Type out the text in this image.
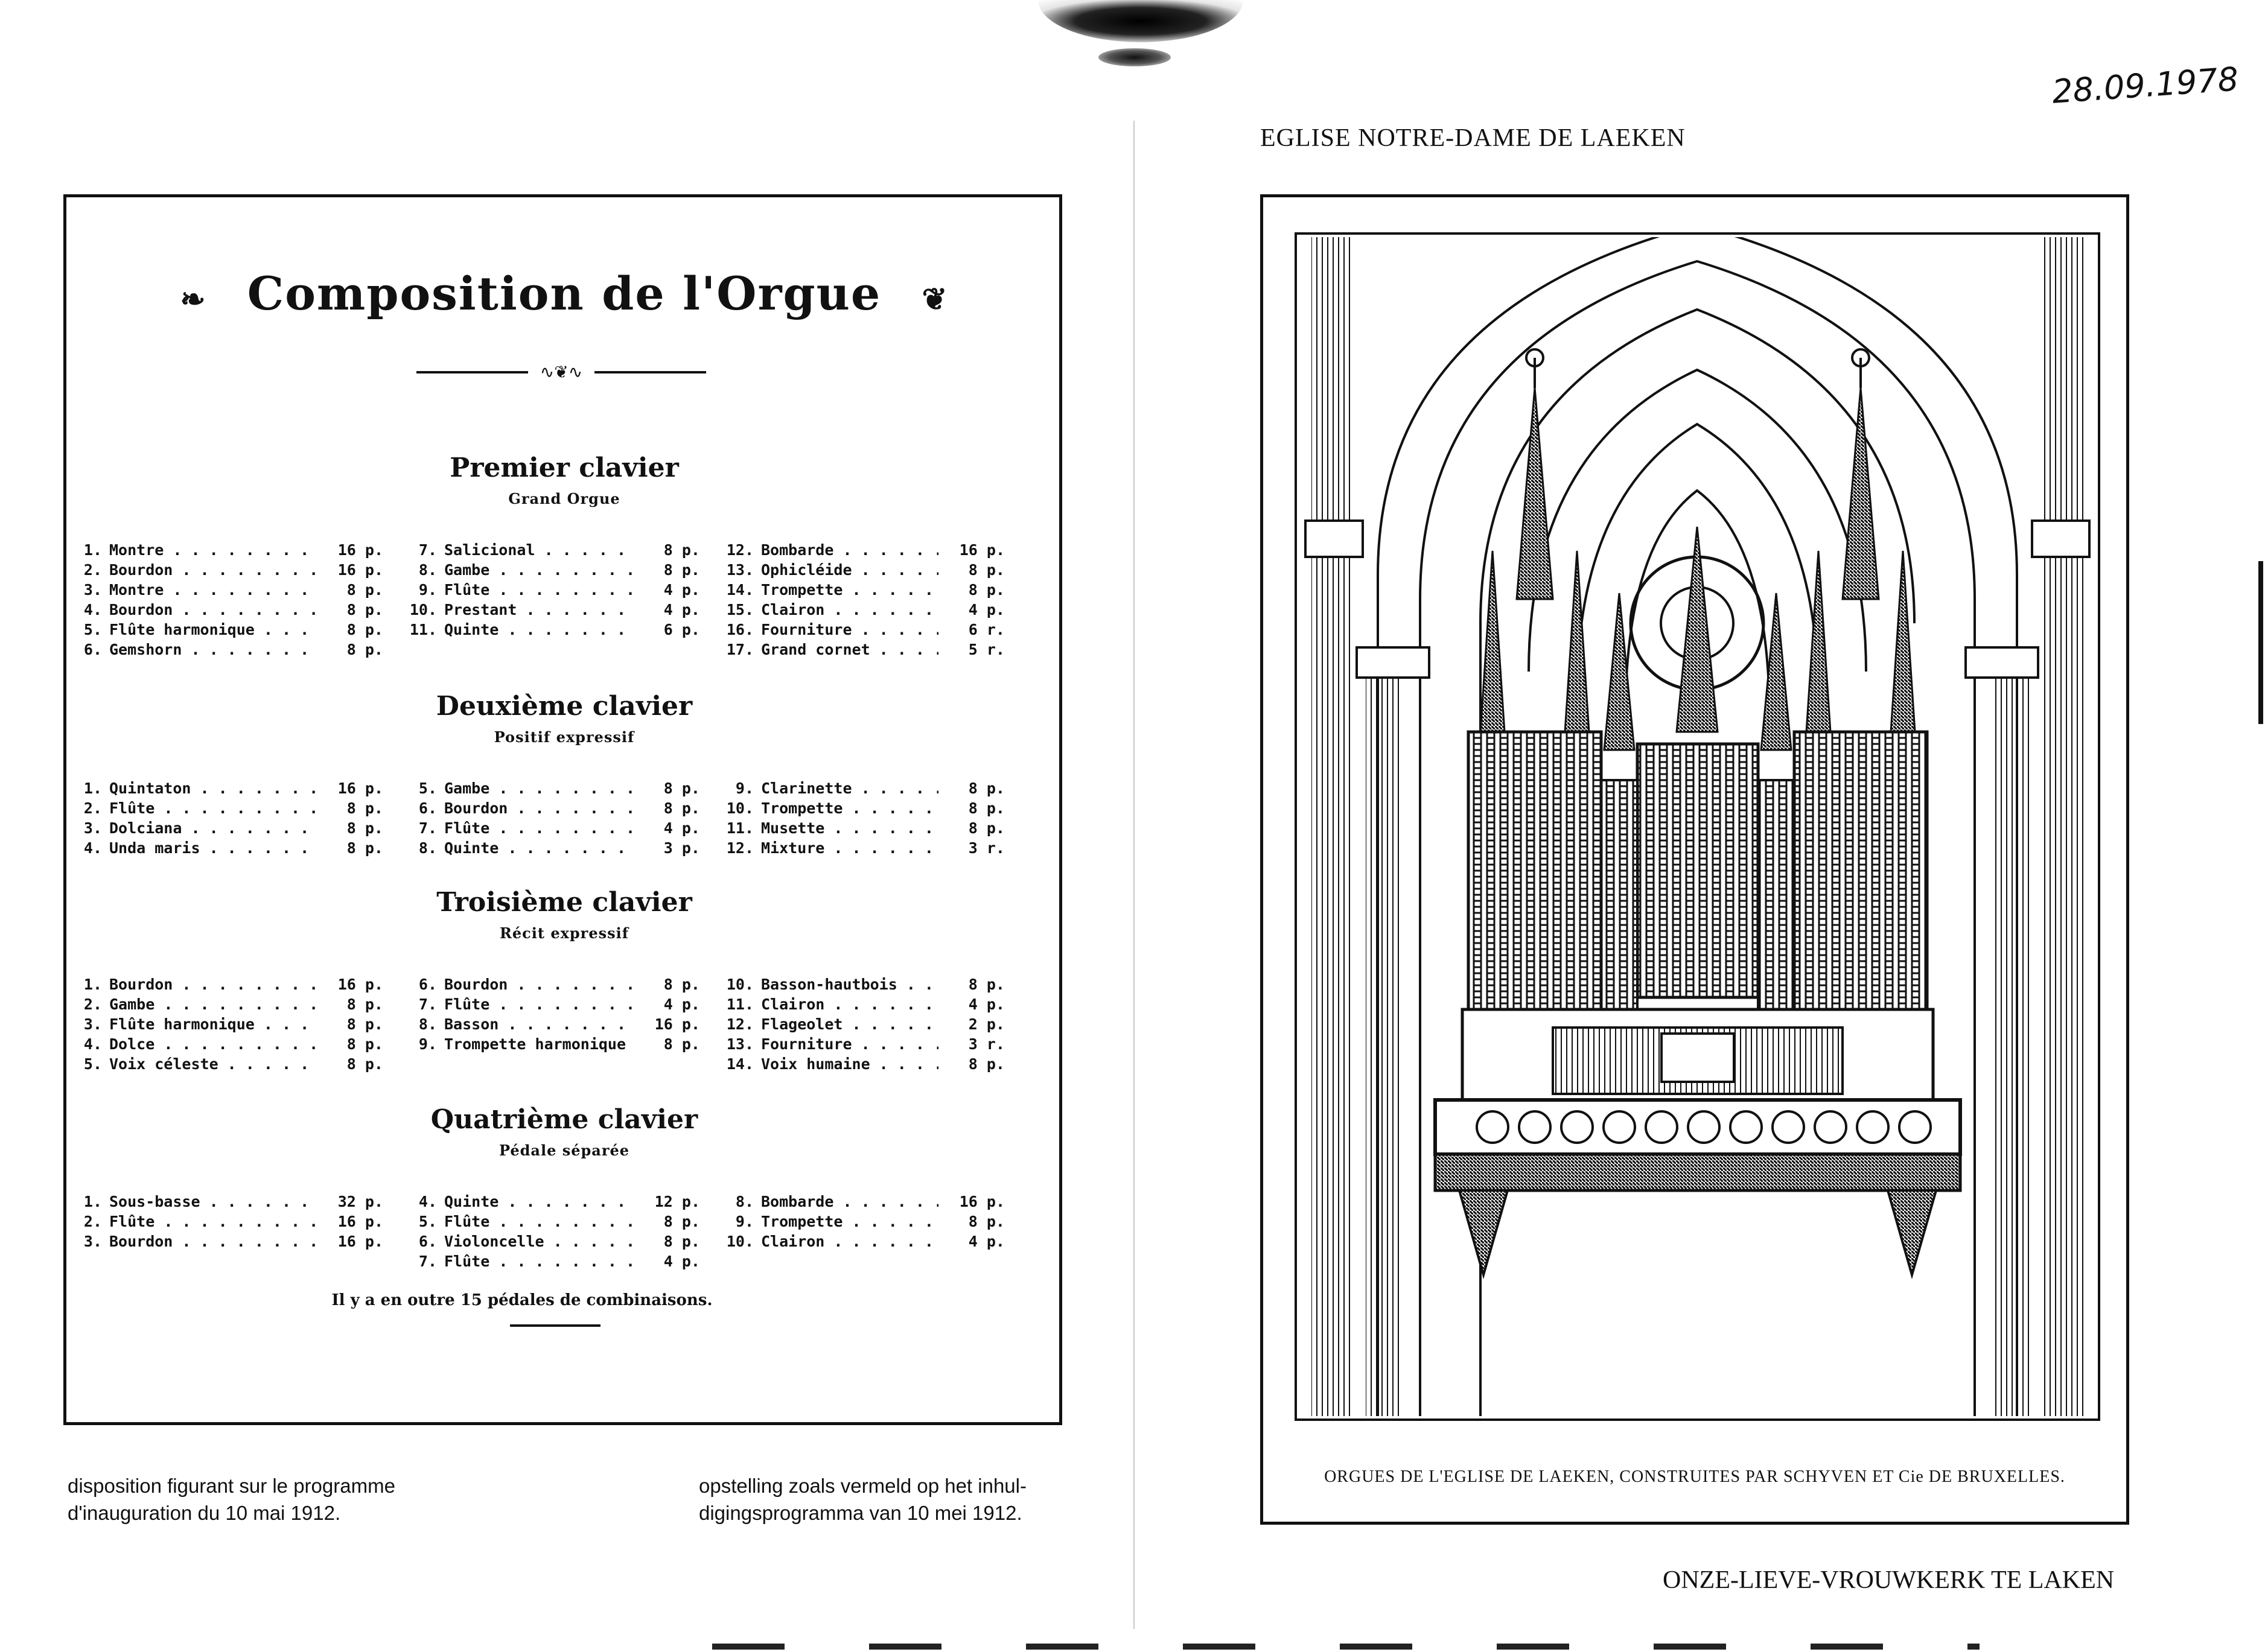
❧   Composition de l'Orgue   ❦
∿❦∿
Premier clavier
Grand Orgue
1. Montre . . .	16 p.
2. Bourdon . . .	16 p.
3. Montre . . .	8 p.
4. Bourdon . . .	8 p.
5. Flûte harmonique . . .	8 p.
6. Gemshorn . . .	8 p.
7. Salicional . . .	8 p.
8. Gambe . . .	8 p.
9. Flûte . . .	4 p.
10. Prestant . . .	4 p.
11. Quinte . . .	6 p.
12. Bombarde . . .	16 p.
13. Ophicléide . . .	8 p.
14. Trompette . . .	8 p.
15. Clairon . . .	4 p.
16. Fourniture . . .	6 r.
17. Grand cornet . . .	5 r.
Deuxième clavier
Positif expressif
1. Quintaton . . .	16 p.
2. Flûte . . .	8 p.
3. Dolciana . . .	8 p.
4. Unda maris . . .	8 p.
5. Gambe . . .	8 p.
6. Bourdon . . .	8 p.
7. Flûte . . .	4 p.
8. Quinte . . .	3 p.
9. Clarinette . . .	8 p.
10. Trompette . . .	8 p.
11. Musette . . .	8 p.
12. Mixture . . .	3 r.
Troisième clavier
Récit expressif
1. Bourdon . . .	16 p.
2. Gambe . . .	8 p.
3. Flûte harmonique . . .	8 p.
4. Dolce . . .	8 p.
5. Voix céleste . . .	8 p.
6. Bourdon . . .	8 p.
7. Flûte . . .	4 p.
8. Basson . . .	16 p.
9. Trompette harmonique . . .	8 p.
10. Basson-hautbois . . .	8 p.
11. Clairon . . .	4 p.
12. Flageolet . . .	2 p.
13. Fourniture . . .	3 r.
14. Voix humaine . . .	8 p.
Quatrième clavier
Pédale séparée
1. Sous-basse . . .	32 p.
2. Flûte . . .	16 p.
3. Bourdon . . .	16 p.
4. Quinte . . .	12 p.
5. Flûte . . .	8 p.
6. Violoncelle . . .	8 p.
7. Flûte . . .	4 p.
8. Bombarde . . .	16 p.
9. Trompette . . .	8 p.
10. Clairon . . .	4 p.
Il y a en outre 15 pédales de combinaisons.
disposition figurant sur le programme
d'inauguration du 10 mai 1912.
opstelling zoals vermeld op het inhul-
digingsprogramma van 10 mei 1912.
28.09.1978
EGLISE NOTRE-DAME DE LAEKEN
ORGUES DE L'EGLISE DE LAEKEN, CONSTRUITES PAR SCHYVEN ET Cie DE BRUXELLES.
ONZE-LIEVE-VROUWKERK TE LAKEN
